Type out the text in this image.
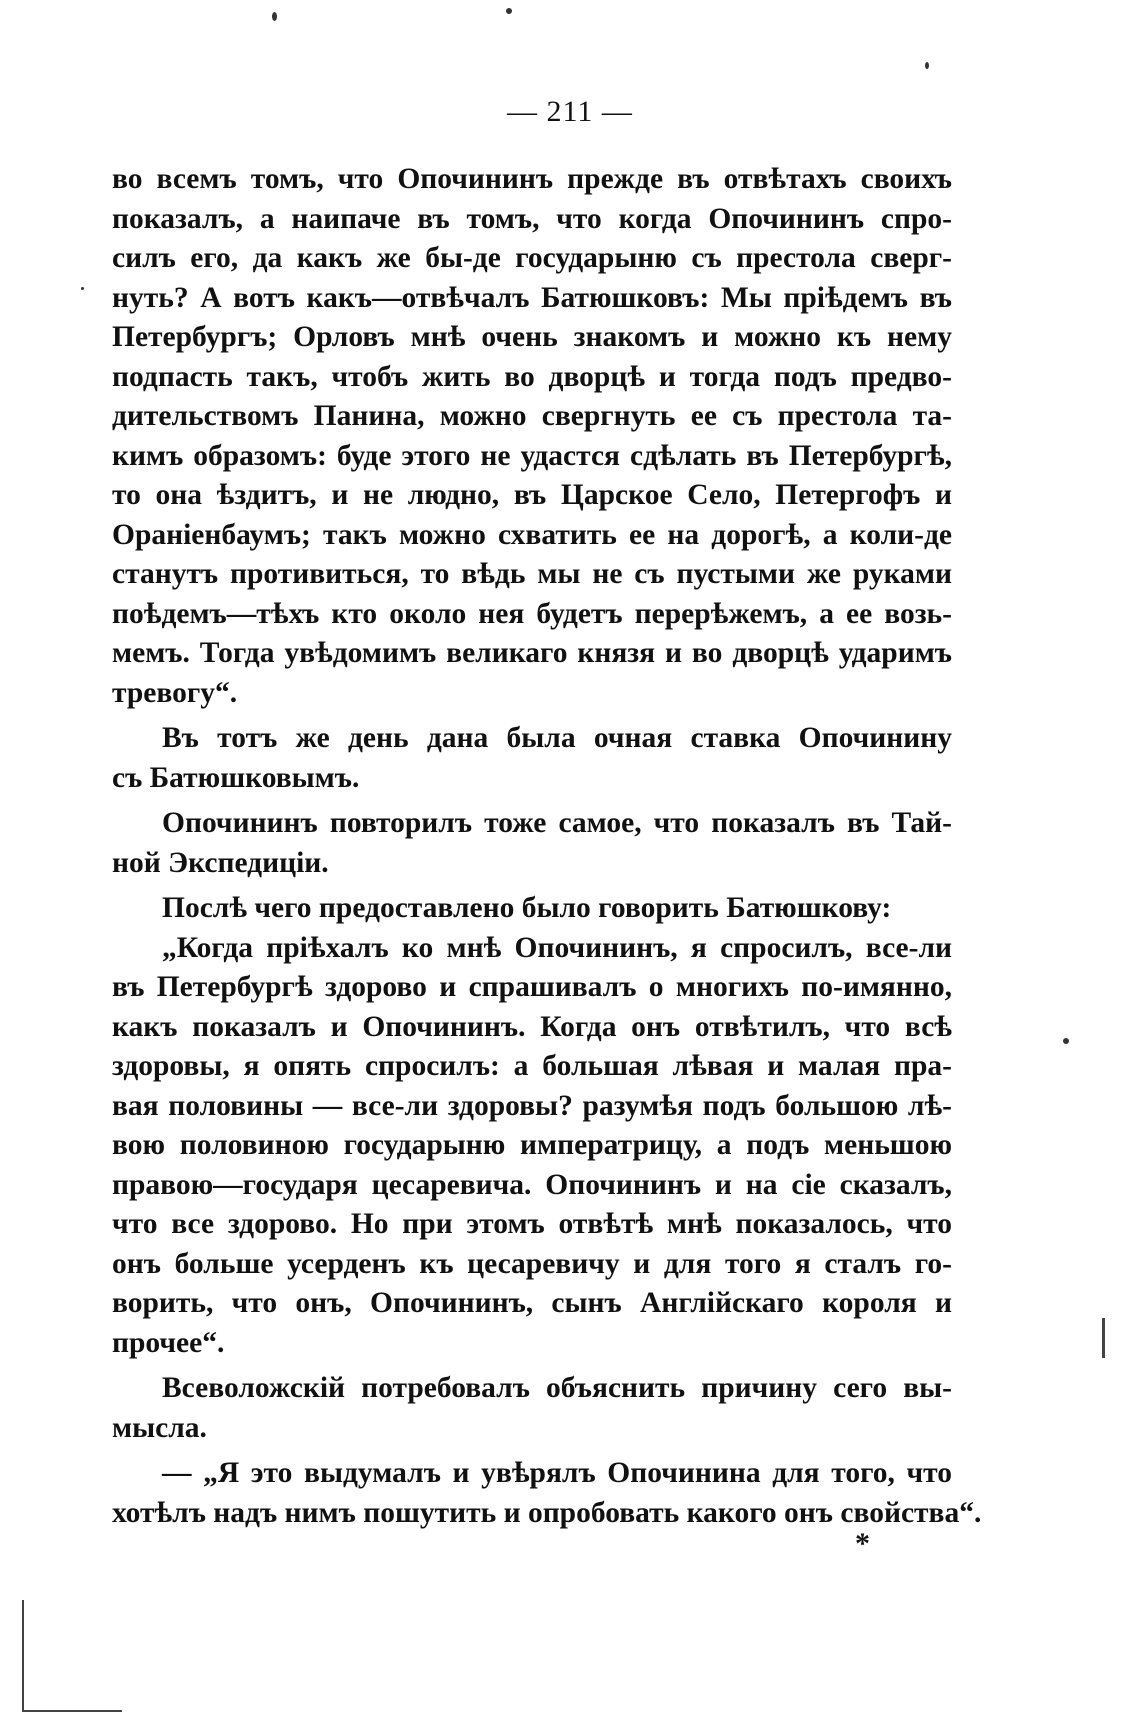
— 211 —
во всемъ томъ, что Опочининъ прежде въ отвѣтахъ своихъ
показалъ, а наипаче въ томъ, что когда Опочининъ спро-
силъ его, да какъ же бы-де государыню съ престола сверг-
нуть? А вотъ какъ—отвѣчалъ Батюшковъ: Мы пріѣдемъ въ
Петербургъ; Орловъ мнѣ очень знакомъ и можно къ нему
подпасть такъ, чтобъ жить во дворцѣ и тогда подъ предво-
дительствомъ Панина, можно свергнуть ее съ престола та-
кимъ образомъ: буде этого не удастся сдѣлать въ Петербургѣ,
то она ѣздитъ, и не людно, въ Царское Село, Петергофъ и
Ораніенбаумъ; такъ можно схватить ее на дорогѣ, а коли-де
станутъ противиться, то вѣдь мы не съ пустыми же руками
поѣдемъ—тѣхъ кто около нея будетъ перерѣжемъ, а ее возь-
мемъ. Тогда увѣдомимъ великаго князя и во дворцѣ ударимъ
тревогу“.
Въ тотъ же день дана была очная ставка Опочинину
съ Батюшковымъ.
Опочининъ повторилъ тоже самое, что показалъ въ Тай-
ной Экспедиціи.
Послѣ чего предоставлено было говорить Батюшкову:
„Когда пріѣхалъ ко мнѣ Опочининъ, я спросилъ, все-ли
въ Петербургѣ здорово и спрашивалъ о многихъ по-имянно,
какъ показалъ и Опочининъ. Когда онъ отвѣтилъ, что всѣ
здоровы, я опять спросилъ: а большая лѣвая и малая пра-
вая половины — все-ли здоровы? разумѣя подъ большою лѣ-
вою половиною государыню императрицу, а подъ меньшою
правою—государя цесаревича. Опочининъ и на сіе сказалъ,
что все здорово. Но при этомъ отвѣтѣ мнѣ показалось, что
онъ больше усерденъ къ цесаревичу и для того я сталъ го-
ворить, что онъ, Опочининъ, сынъ Англійскаго короля и
прочее“.
Всеволожскій потребовалъ объяснить причину сего вы-
мысла.
— „Я это выдумалъ и увѣрялъ Опочинина для того, что
хотѣлъ надъ нимъ пошутить и опробовать какого онъ свойства“.
*
